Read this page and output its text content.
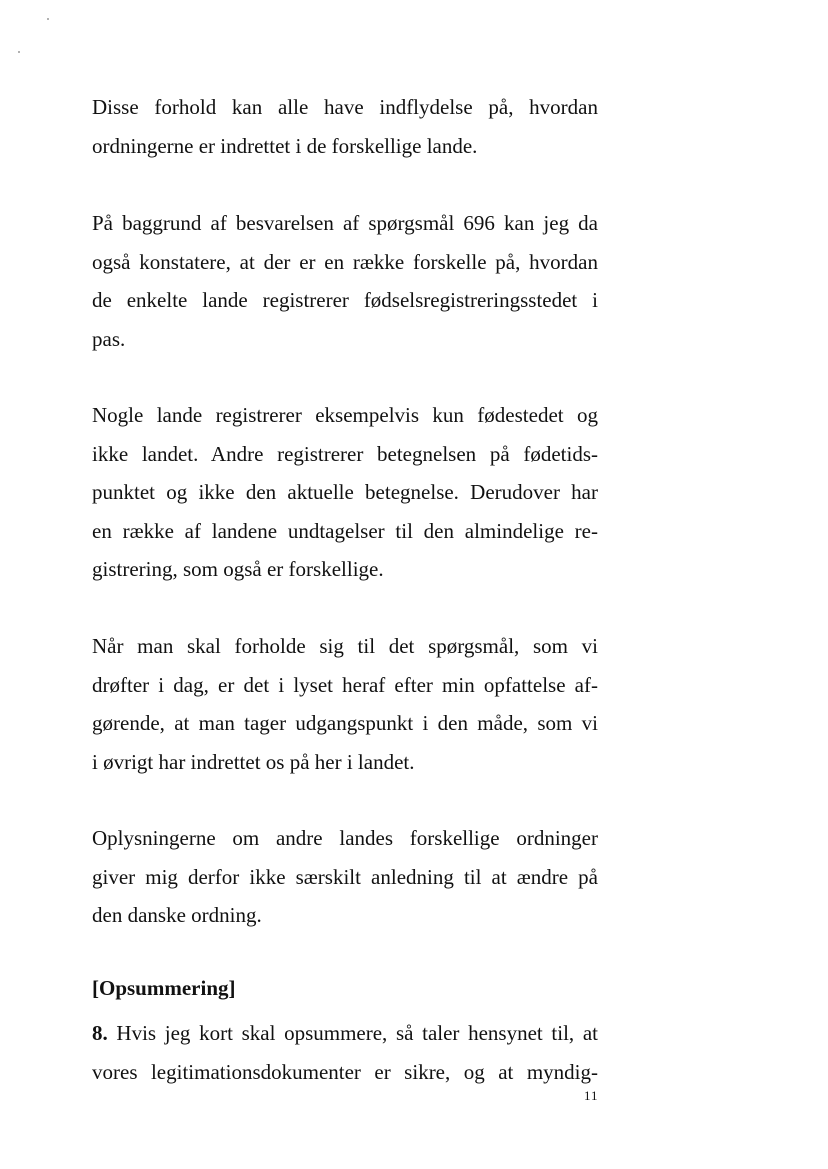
Disse forhold kan alle have indflydelse på, hvordan
ordningerne er indrettet i de forskellige lande.
På baggrund af besvarelsen af spørgsmål 696 kan jeg da
også konstatere, at der er en række forskelle på, hvordan
de enkelte lande registrerer fødselsregistreringsstedet i
pas.
Nogle lande registrerer eksempelvis kun fødestedet og
ikke landet. Andre registrerer betegnelsen på fødetids-
punktet og ikke den aktuelle betegnelse. Derudover har
en række af landene undtagelser til den almindelige re-
gistrering, som også er forskellige.
Når man skal forholde sig til det spørgsmål, som vi
drøfter i dag, er det i lyset heraf efter min opfattelse af-
gørende, at man tager udgangspunkt i den måde, som vi
i øvrigt har indrettet os på her i landet.
Oplysningerne om andre landes forskellige ordninger
giver mig derfor ikke særskilt anledning til at ændre på
den danske ordning.
[Opsummering]
8. Hvis jeg kort skal opsummere, så taler hensynet til, at
vores legitimationsdokumenter er sikre, og at myndig-
11
